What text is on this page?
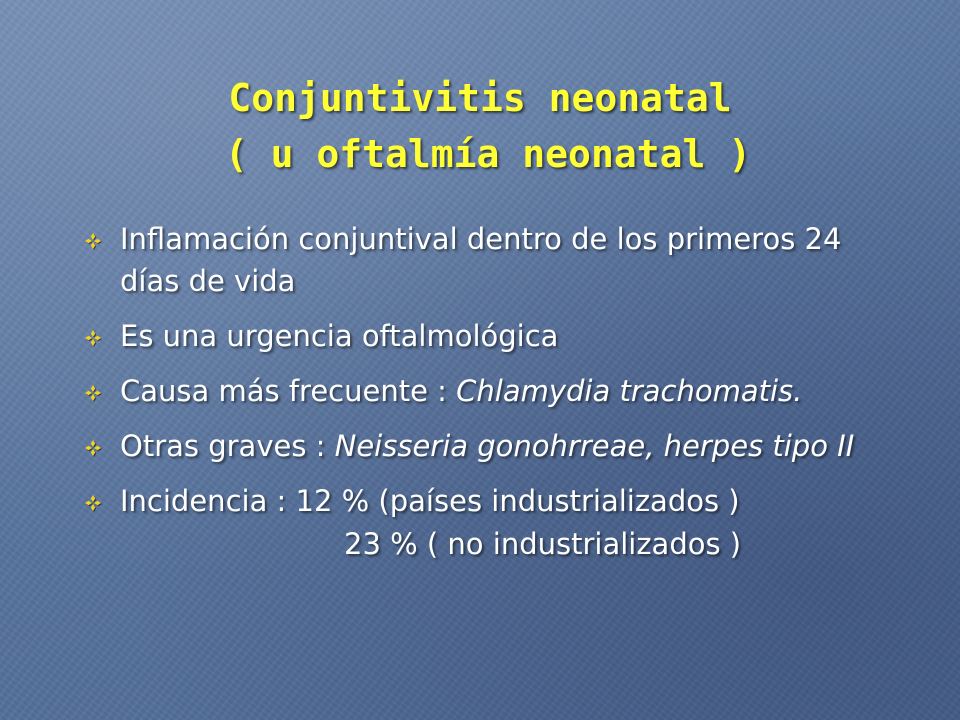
Conjuntivitis neonatal
( u oftalmía neonatal )
Inflamación conjuntival dentro de los primeros 24 días de vida
Es una urgencia oftalmológica
Causa más frecuente : Chlamydia trachomatis.
Otras graves : Neisseria gonohrreae, herpes tipo II
Incidencia : 12 % (países industrializados )
23 % ( no industrializados )
